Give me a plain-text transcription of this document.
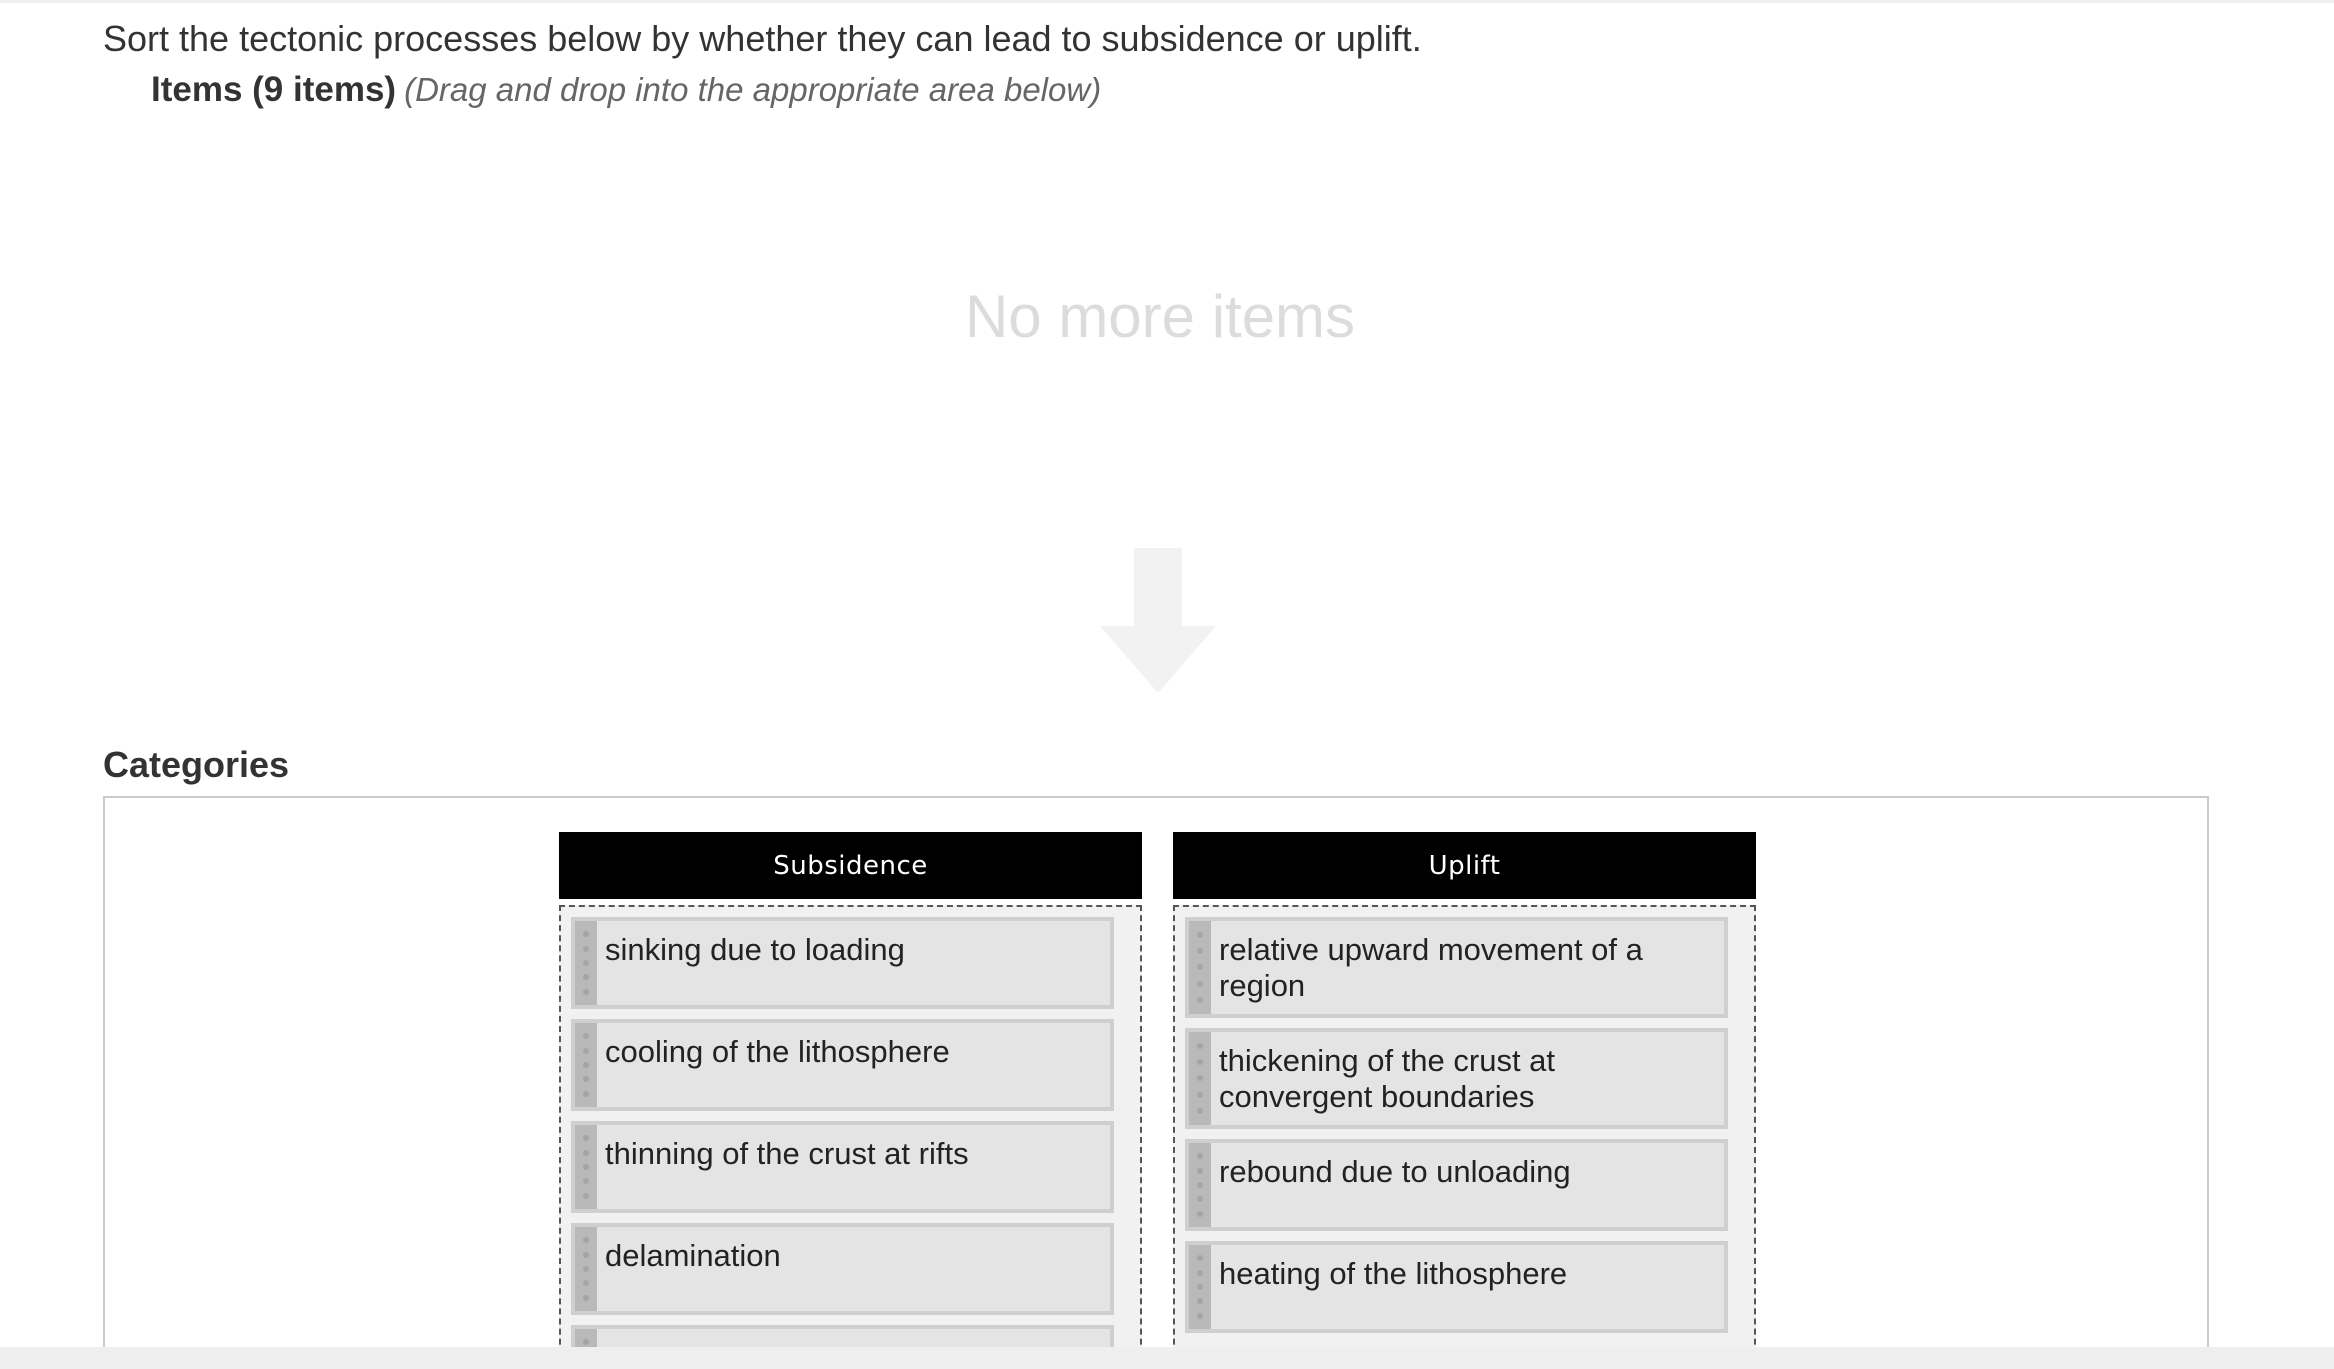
Sort the tectonic processes below by whether they can lead to subsidence or uplift.
Items (9 items) (Drag and drop into the appropriate area below)
No more items
Categories
Subsidence
sinking due to loading
cooling of the lithosphere
thinning of the crust at rifts
delamination
Uplift
relative upward movement of a region
thickening of the crust at convergent boundaries
rebound due to unloading
heating of the lithosphere
